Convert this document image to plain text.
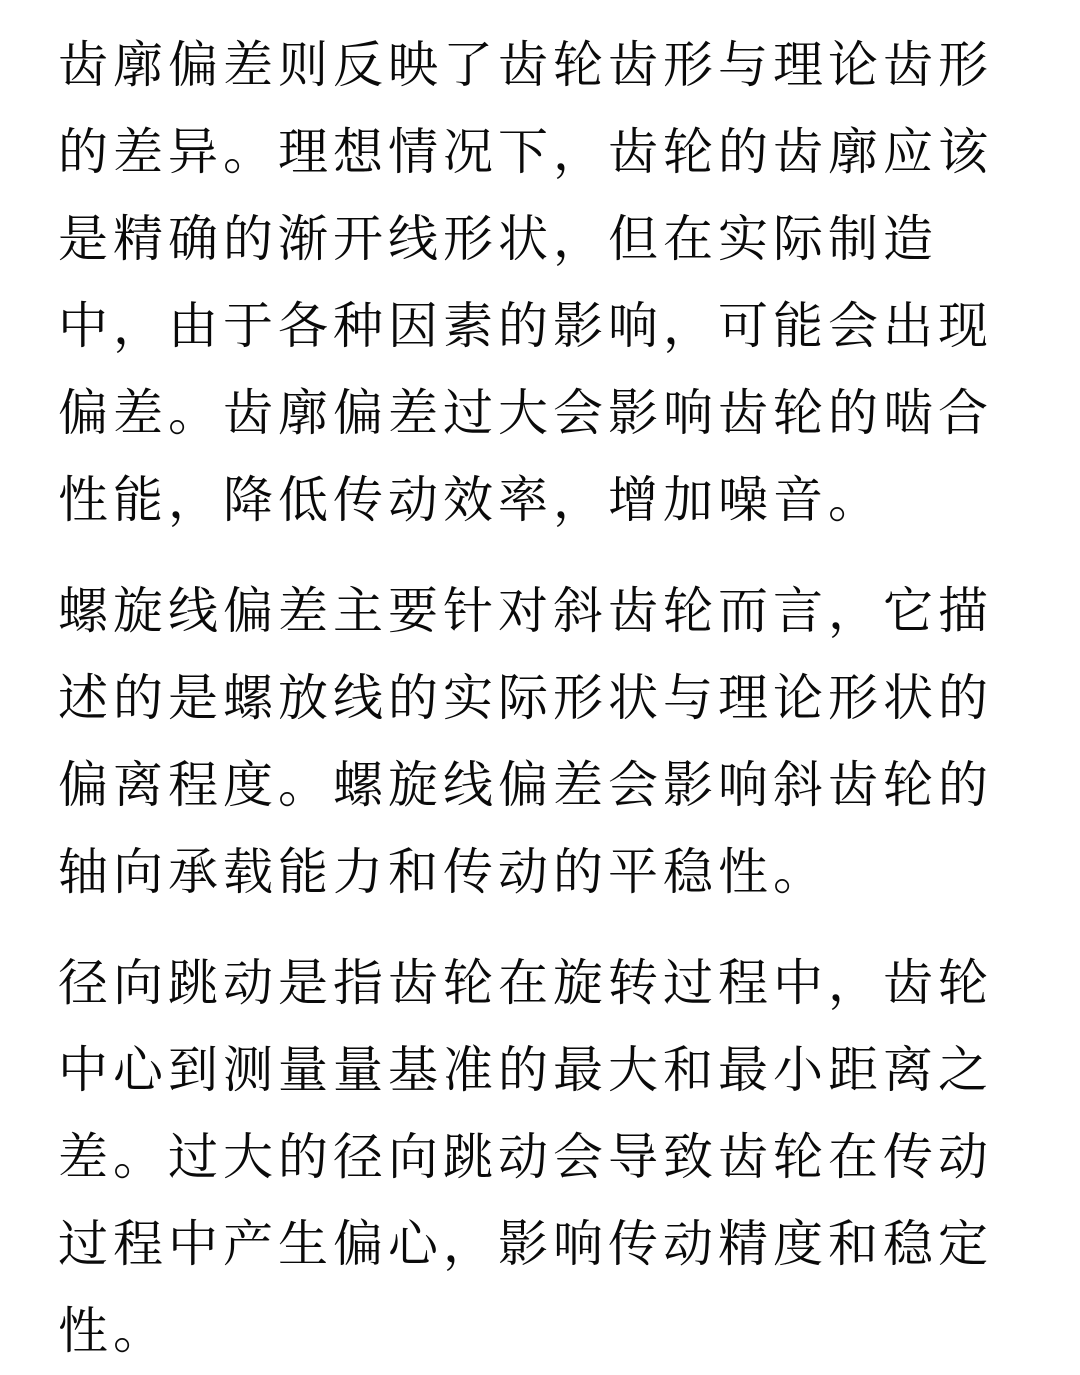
齿廓偏差则反映了齿轮齿形与理论齿形
的差异。理想情况下，齿轮的齿廓应该
是精确的渐开线形状，但在实际制造
中，由于各种因素的影响，可能会出现
偏差。齿廓偏差过大会影响齿轮的啮合
性能，降低传动效率，增加噪音。

螺旋线偏差主要针对斜齿轮而言，它描
述的是螺放线的实际形状与理论形状的
偏离程度。螺旋线偏差会影响斜齿轮的
轴向承载能力和传动的平稳性。

径向跳动是指齿轮在旋转过程中，齿轮
中心到测量量基准的最大和最小距离之
差。过大的径向跳动会导致齿轮在传动
过程中产生偏心，影响传动精度和稳定
性。
